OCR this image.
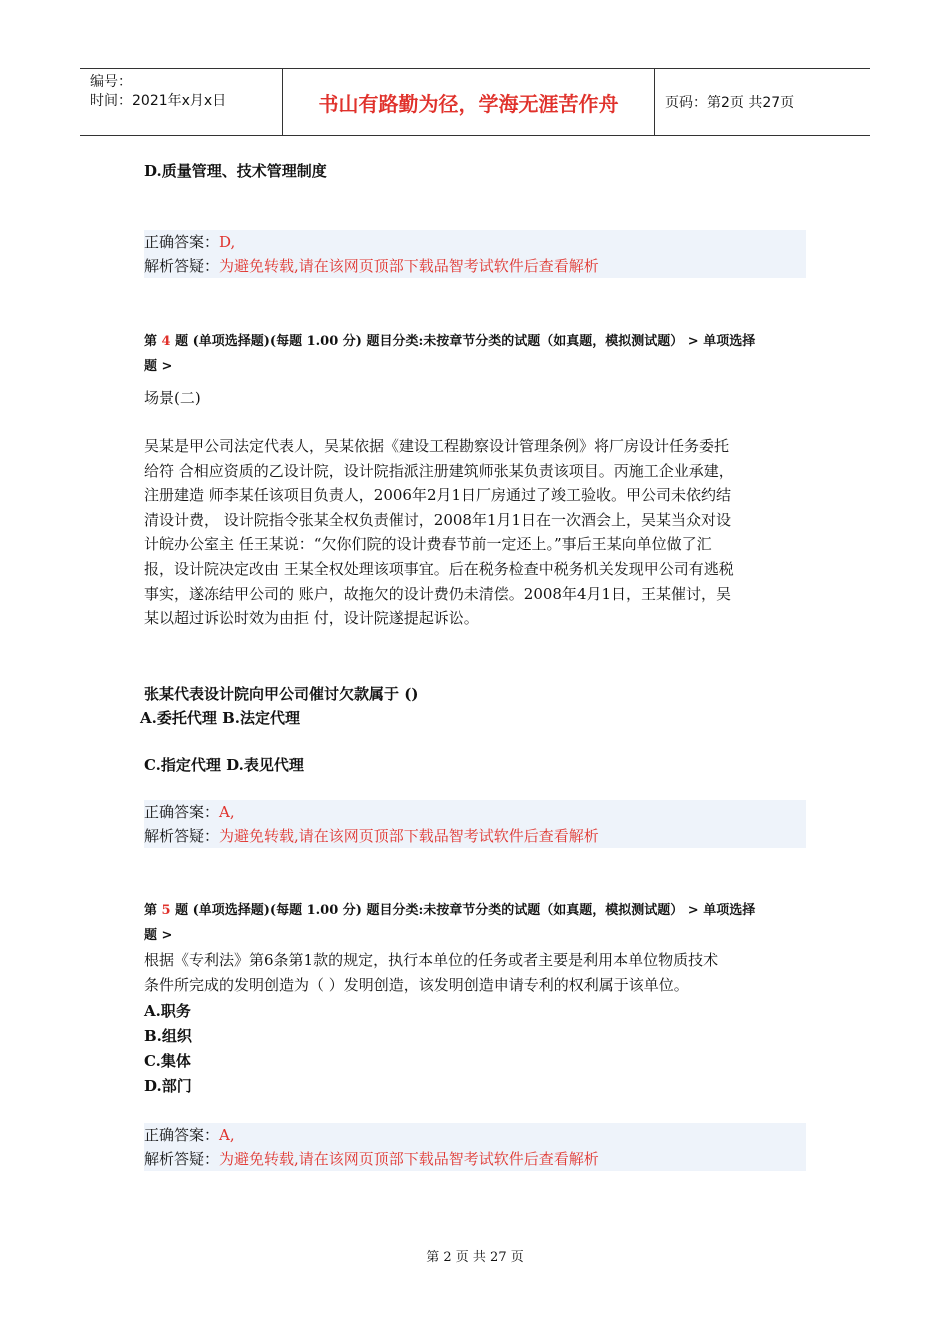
编号：
时间：2021年x月x日	书山有路勤为径，学海无涯苦作舟	页码：第2页 共27页
D.质量管理、技术管理制度
正确答案：D,
解析答疑：为避免转载,请在该网页顶部下载品智考试软件后查看解析
第 4 题 (单项选择题)(每题 1.00 分) 题目分类:未按章节分类的试题（如真题，模拟测试题） > 单项选择
题 >
场景(二)
吴某是甲公司法定代表人，吴某依据《建设工程勘察设计管理条例》将厂房设计任务委托
给符 合相应资质的乙设计院，设计院指派注册建筑师张某负责该项目。丙施工企业承建，
注册建造 师李某任该项目负责人，2006年2月1日厂房通过了竣工验收。甲公司未依约结
清设计费， 设计院指令张某全权负责催讨，2008年1月1日在一次酒会上，吴某当众对设
计皖办公室主 任王某说：“欠你们院的设计费春节前一定还上。”事后王某向单位做了汇
报，设计院决定改由 王某全权处理该项事宜。后在税务检查中税务机关发现甲公司有逃税
事实，遂冻结甲公司的 账户，故拖欠的设计费仍未清偿。2008年4月1日，王某催讨，吴
某以超过诉讼时效为由拒 付，设计院遂提起诉讼。
张某代表设计院向甲公司催讨欠款属于 ()
A.委托代理 B.法定代理
C.指定代理 D.表见代理
正确答案：A,
解析答疑：为避免转载,请在该网页顶部下载品智考试软件后查看解析
第 5 题 (单项选择题)(每题 1.00 分) 题目分类:未按章节分类的试题（如真题，模拟测试题） > 单项选择
题 >
根据《专利法》第6条第1款的规定，执行本单位的任务或者主要是利用本单位物质技术
条件所完成的发明创造为（ ）发明创造，该发明创造申请专利的权利属于该单位。
A.职务
B.组织
C.集体
D.部门
正确答案：A,
解析答疑：为避免转载,请在该网页顶部下载品智考试软件后查看解析
第 2 页 共 27 页
